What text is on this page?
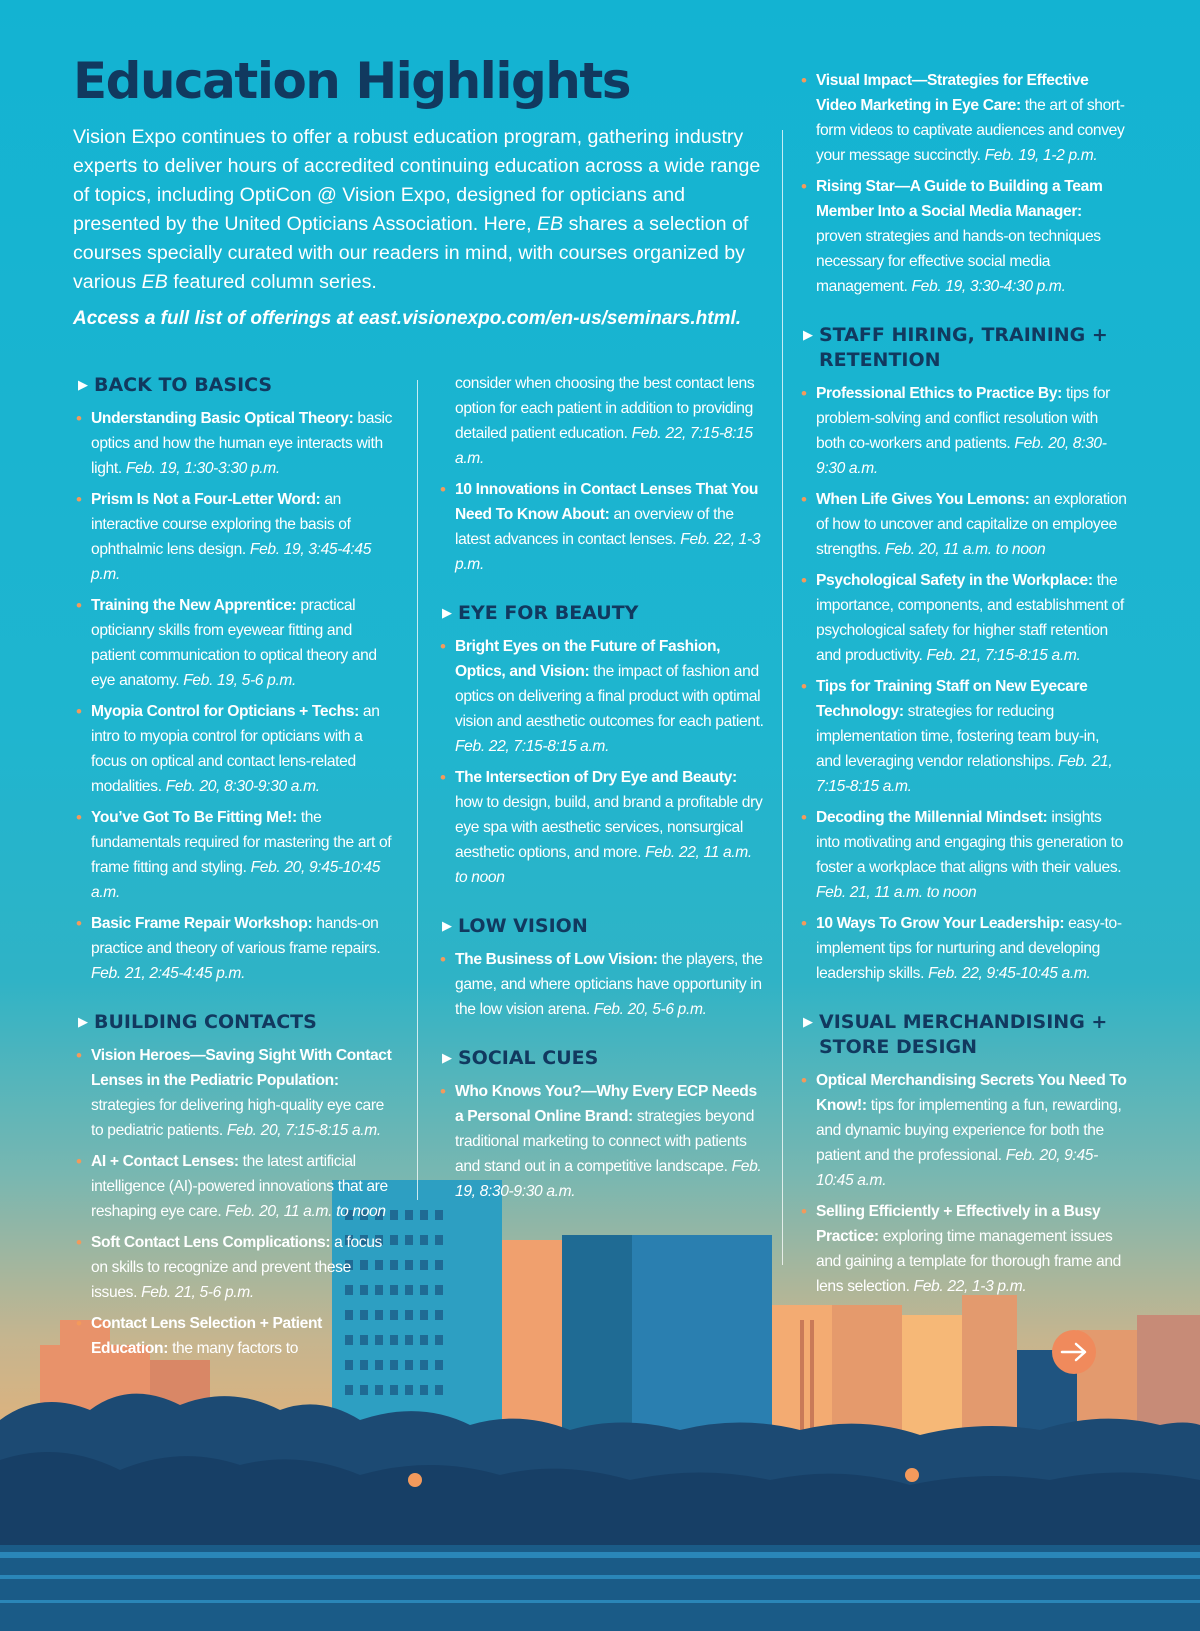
Education Highlights

Vision Expo continues to offer a robust education program, gathering industry experts to deliver hours of accredited continuing education across a wide range of topics, including OptiCon @ Vision Expo, designed for opticians and presented by the United Opticians Association. Here, EB shares a selection of courses specially curated with our readers in mind, with courses organized by various EB featured column series.

Access a full list of offerings at east.visionexpo.com/en-us/seminars.html.

▶ BACK TO BASICS
• Understanding Basic Optical Theory: basic optics and how the human eye interacts with light. Feb. 19, 1:30-3:30 p.m.
• Prism Is Not a Four-Letter Word: an interactive course exploring the basis of ophthalmic lens design. Feb. 19, 3:45-4:45 p.m.
• Training the New Apprentice: practical opticianry skills from eyewear fitting and patient communication to optical theory and eye anatomy. Feb. 19, 5-6 p.m.
• Myopia Control for Opticians + Techs: an intro to myopia control for opticians with a focus on optical and contact lens-related modalities. Feb. 20, 8:30-9:30 a.m.
• You’ve Got To Be Fitting Me!: the fundamentals required for mastering the art of frame fitting and styling. Feb. 20, 9:45-10:45 a.m.
• Basic Frame Repair Workshop: hands-on practice and theory of various frame repairs. Feb. 21, 2:45-4:45 p.m.
▶ BUILDING CONTACTS
• Vision Heroes—Saving Sight With Contact Lenses in the Pediatric Population: strategies for delivering high-quality eye care to pediatric patients. Feb. 20, 7:15-8:15 a.m.
• AI + Contact Lenses: the latest artificial intelligence (AI)-powered innovations that are reshaping eye care. Feb. 20, 11 a.m. to noon
• Soft Contact Lens Complications: a focus on skills to recognize and prevent these issues. Feb. 21, 5-6 p.m.
• Contact Lens Selection + Patient Education: the many factors to
consider when choosing the best contact lens option for each patient in addition to providing detailed patient education. Feb. 22, 7:15-8:15 a.m.
• 10 Innovations in Contact Lenses That You Need To Know About: an overview of the latest advances in contact lenses. Feb. 22, 1-3 p.m.
▶ EYE FOR BEAUTY
• Bright Eyes on the Future of Fashion, Optics, and Vision: the impact of fashion and optics on delivering a final product with optimal vision and aesthetic outcomes for each patient. Feb. 22, 7:15-8:15 a.m.
• The Intersection of Dry Eye and Beauty: how to design, build, and brand a profitable dry eye spa with aesthetic services, nonsurgical aesthetic options, and more. Feb. 22, 11 a.m. to noon
▶ LOW VISION
• The Business of Low Vision: the players, the game, and where opticians have opportunity in the low vision arena. Feb. 20, 5-6 p.m.
▶ SOCIAL CUES
• Who Knows You?—Why Every ECP Needs a Personal Online Brand: strategies beyond traditional marketing to connect with patients and stand out in a competitive landscape. Feb. 19, 8:30-9:30 a.m.
• Visual Impact—Strategies for Effective Video Marketing in Eye Care: the art of short-form videos to captivate audiences and convey your message succinctly. Feb. 19, 1-2 p.m.
• Rising Star—A Guide to Building a Team Member Into a Social Media Manager: proven strategies and hands-on techniques necessary for effective social media management. Feb. 19, 3:30-4:30 p.m.
▶ STAFF HIRING, TRAINING +
RETENTION
• Professional Ethics to Practice By: tips for problem-solving and conflict resolution with both co-workers and patients. Feb. 20, 8:30-9:30 a.m.
• When Life Gives You Lemons: an exploration of how to uncover and capitalize on employee strengths. Feb. 20, 11 a.m. to noon
• Psychological Safety in the Workplace: the importance, components, and establishment of psychological safety for higher staff retention and productivity. Feb. 21, 7:15-8:15 a.m.
• Tips for Training Staff on New Eyecare Technology: strategies for reducing implementation time, fostering team buy-in, and leveraging vendor relationships. Feb. 21, 7:15-8:15 a.m.
• Decoding the Millennial Mindset: insights into motivating and engaging this generation to foster a workplace that aligns with their values. Feb. 21, 11 a.m. to noon
• 10 Ways To Grow Your Leadership: easy-to-implement tips for nurturing and developing leadership skills. Feb. 22, 9:45-10:45 a.m.
▶ VISUAL MERCHANDISING +
STORE DESIGN
• Optical Merchandising Secrets You Need To Know!: tips for implementing a fun, rewarding, and dynamic buying experience for both the patient and the professional. Feb. 20, 9:45-10:45 a.m.
• Selling Efficiently + Effectively in a Busy Practice: exploring time management issues and gaining a template for thorough frame and lens selection. Feb. 22, 1-3 p.m.
